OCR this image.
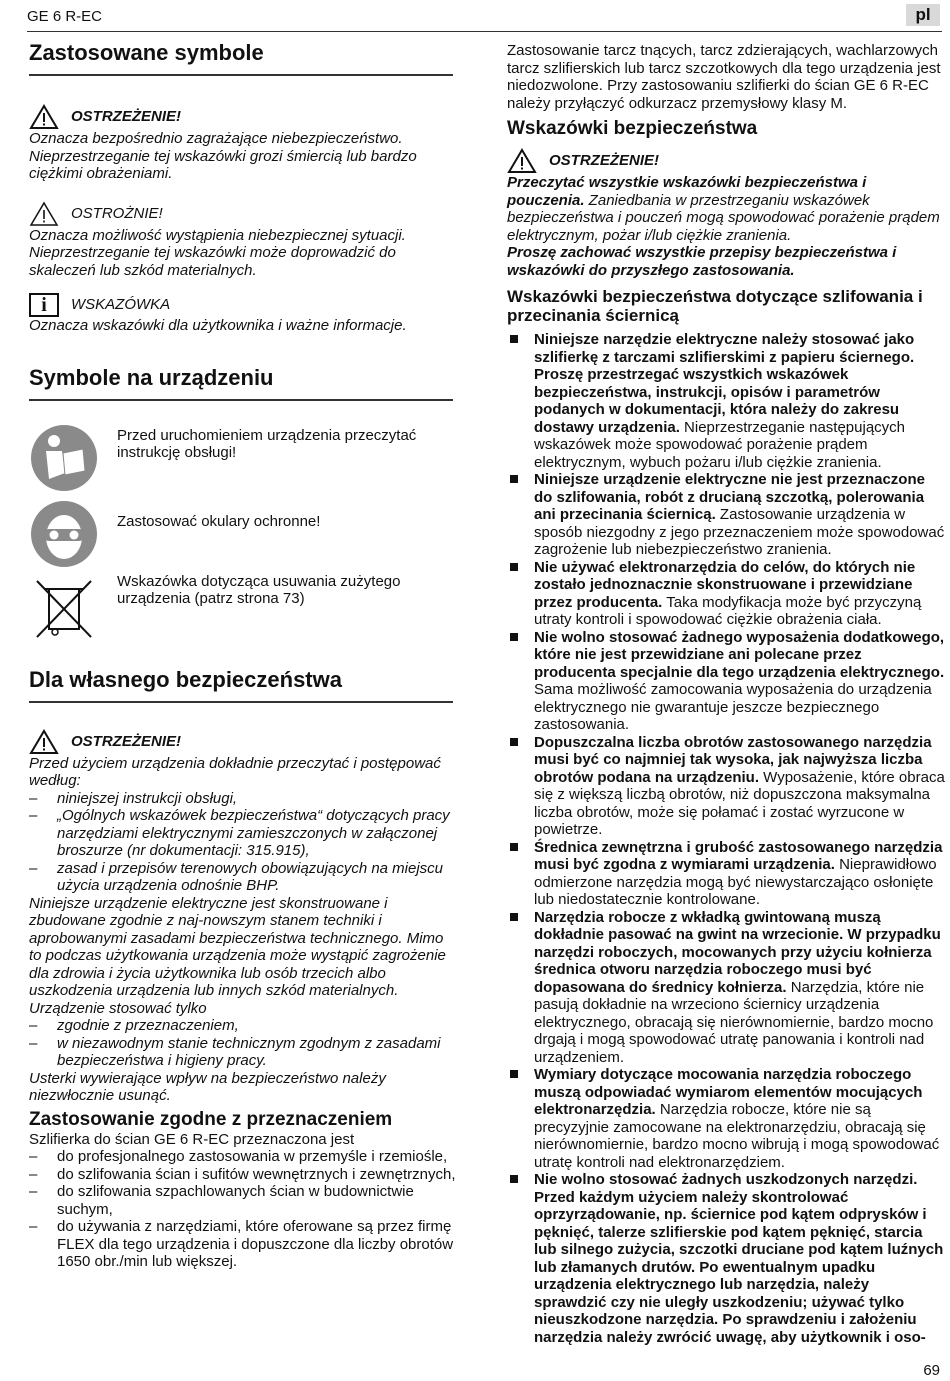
GE 6 R-EC	pl
Zastosowane symbole
OSTRZEŻENIE!

Oznacza bezpośrednio zagrażające niebezpieczeństwo. Nieprzestrzeganie tej wskazówki grozi śmiercią lub bardzo ciężkimi obrażeniami.

OSTROŻNIE!

Oznacza możliwość wystąpienia niebezpiecznej sytuacji. Nieprzestrzeganie tej wskazówki może doprowadzić do skaleczeń lub szkód materialnych.

i	WSKAZÓWKA

Oznacza wskazówki dla użytkownika i ważne informacje.

Symbole na urządzeniu

Przed uruchomieniem urządzenia przeczytać instrukcję obsługi!

Zastosować okulary ochronne!

Wskazówka dotycząca usuwania zużytego urządzenia (patrz strona 73)

Dla własnego bezpieczeństwa
OSTRZEŻENIE!

Przed użyciem urządzenia dokładnie przeczytać i postępować według:

– niniejszej instrukcji obsługi,
– „Ogólnych wskazówek bezpieczeństwa“ dotyczących pracy narzędziami elektrycznymi zamieszczonych w załączonej broszurze (nr dokumentacji: 315.915),
– zasad i przepisów terenowych obowiązujących na miejscu użycia urządzenia odnośnie BHP.

Niniejsze urządzenie elektryczne jest skonstruowane i zbudowane zgodnie z naj-nowszym stanem techniki i aprobowanymi zasadami bezpieczeństwa technicznego. Mimo to podczas użytkowania urządzenia może wystąpić zagrożenie dla zdrowia i życia użytkownika lub osób trzecich albo uszkodzenia urządzenia lub innych szkód materialnych. Urządzenie stosować tylko

– zgodnie z przeznaczeniem,
– w niezawodnym stanie technicznym zgodnym z zasadami bezpieczeństwa i higieny pracy.

Usterki wywierające wpływ na bezpieczeństwo należy niezwłocznie usunąć.

Zastosowanie zgodne z przeznaczeniem

Szlifierka do ścian GE 6 R-EC przeznaczona jest

– do profesjonalnego zastosowania w przemyśle i rzemiośle,
– do szlifowania ścian i sufitów wewnętrznych i zewnętrznych,
– do szlifowania szpachlowanych ścian w budownictwie suchym,
– do używania z narzędziami, które oferowane są przez firmę FLEX dla tego urządzenia i dopuszczone dla liczby obrotów 1650 obr./min lub większej.

Zastosowanie tarcz tnących, tarcz zdzierających, wachlarzowych tarcz szlifierskich lub tarcz szczotkowych dla tego urządzenia jest niedozwolone. Przy zastosowaniu szlifierki do ścian GE 6 R-EC należy przyłączyć odkurzacz przemysłowy klasy M.

Wskazówki bezpieczeństwa
OSTRZEŻENIE!

Przeczytać wszystkie wskazówki bezpieczeństwa i pouczenia. Zaniedbania w przestrzeganiu wskazówek bezpieczeństwa i pouczeń mogą spowodować porażenie prądem elektrycznym, pożar i/lub ciężkie zranienia.

Proszę zachować wszystkie przepisy bezpieczeństwa i wskazówki do przyszłego zastosowania.

Wskazówki bezpieczeństwa dotyczące szlifowania i przecinania ściernicą
Niniejsze narzędzie elektryczne należy stosować jako szlifierkę z tarczami szlifierskimi z papieru ściernego. Proszę przestrzegać wszystkich wskazówek bezpieczeństwa, instrukcji, opisów i parametrów podanych w dokumentacji, która należy do zakresu dostawy urządzenia. Nieprzestrzeganie następujących wskazówek może spowodować porażenie prądem elektrycznym, wybuch pożaru i/lub ciężkie zranienia.
Niniejsze urządzenie elektryczne nie jest przeznaczone do szlifowania, robót z drucianą szczotką, polerowania ani przecinania ściernicą. Zastosowanie urządzenia w sposób niezgodny z jego przeznaczeniem może spowodować zagrożenie lub niebezpieczeństwo zranienia.
Nie używać elektronarzędzia do celów, do których nie zostało jednoznacznie skonstruowane i przewidziane przez producenta. Taka modyfikacja może być przyczyną utraty kontroli i spowodować ciężkie obrażenia ciała.
Nie wolno stosować żadnego wyposażenia dodatkowego, które nie jest przewidziane ani polecane przez producenta specjalnie dla tego urządzenia elektrycznego. Sama możliwość zamocowania wyposażenia do urządzenia elektrycznego nie gwarantuje jeszcze bezpiecznego zastosowania.
Dopuszczalna liczba obrotów zastosowanego narzędzia musi być co najmniej tak wysoka, jak najwyższa liczba obrotów podana na urządzeniu. Wyposażenie, które obraca się z większą liczbą obrotów, niż dopuszczona maksymalna liczba obrotów, może się połamać i zostać wyrzucone w powietrze.
Średnica zewnętrzna i grubość zastosowanego narzędzia musi być zgodna z wymiarami urządzenia. Nieprawidłowo odmierzone narzędzia mogą być niewystarczająco osłonięte lub niedostatecznie kontrolowane.
Narzędzia robocze z wkładką gwintowaną muszą dokładnie pasować na gwint na wrzecionie. W przypadku narzędzi roboczych, mocowanych przy użyciu kołnierza średnica otworu narzędzia roboczego musi być dopasowana do średnicy kołnierza. Narzędzia, które nie pasują dokładnie na wrzeciono ściernicy urządzenia elektrycznego, obracają się nierównomiernie, bardzo mocno drgają i mogą spowodować utratę panowania i kontroli nad urządzeniem.
Wymiary dotyczące mocowania narzędzia roboczego muszą odpowiadać wymiarom elementów mocujących elektronarzędzia. Narzędzia robocze, które nie są precyzyjnie zamocowane na elektronarzędziu, obracają się nierównomiernie, bardzo mocno wibrują i mogą spowodować utratę kontroli nad elektronarzędziem.
Nie wolno stosować żadnych uszkodzonych narzędzi. Przed każdym użyciem należy skontrolować oprzyrządowanie, np. ściernice pod kątem odprysków i pęknięć, talerze szlifierskie pod kątem pęknięć, starcia lub silnego zużycia, szczotki druciane pod kątem luźnych lub złamanych drutów. Po ewentualnym upadku urządzenia elektrycznego lub narzędzia, należy sprawdzić czy nie uległy uszkodzeniu; używać tylko nieuszkodzone narzędzia. Po sprawdzeniu i założeniu narzędzia należy zwrócić uwagę, aby użytkownik i oso-
69
